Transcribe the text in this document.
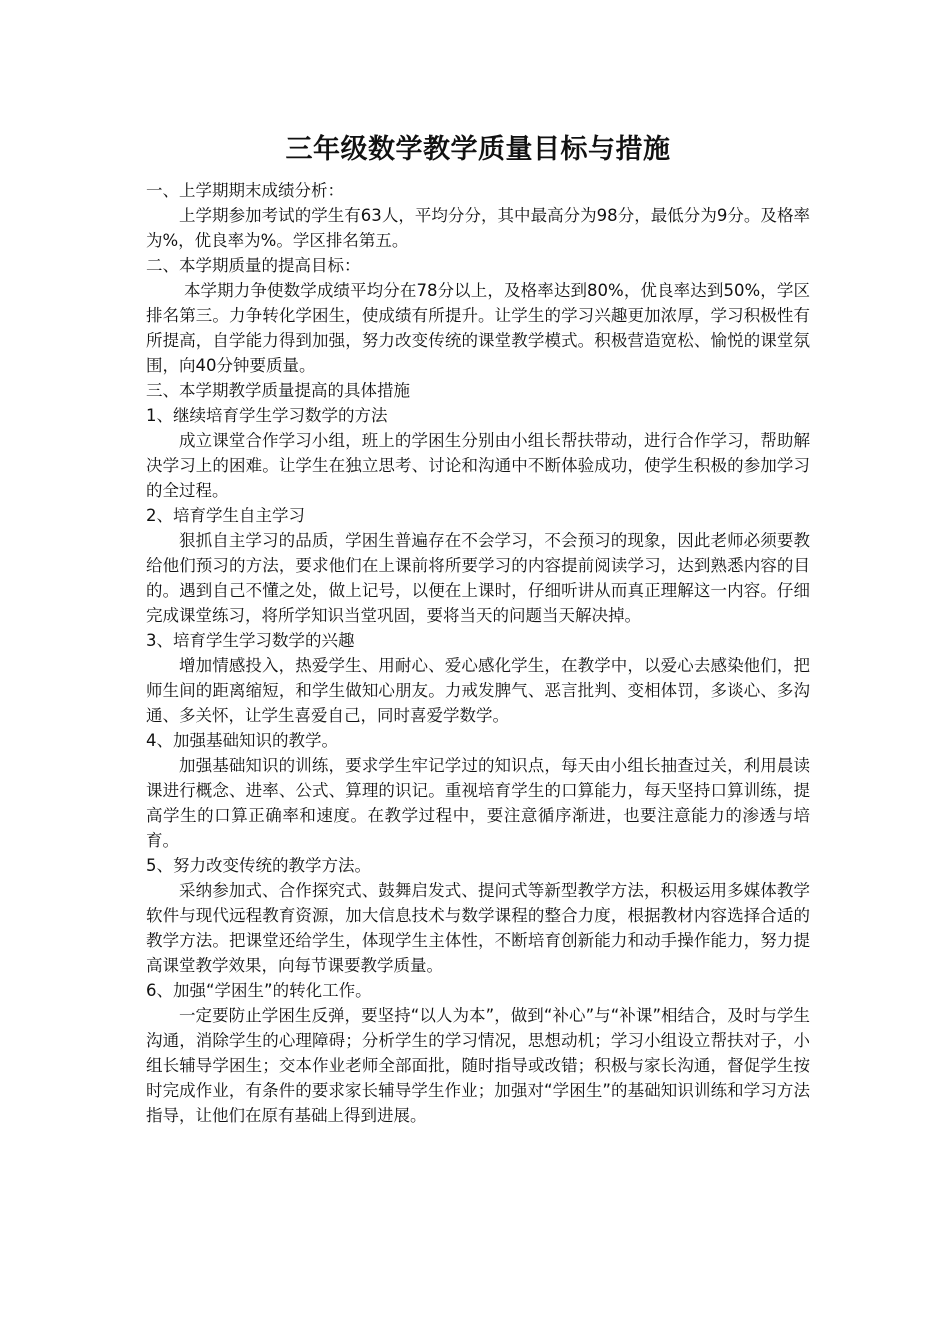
三年级数学教学质量目标与措施
一、上学期期末成绩分析：
上学期参加考试的学生有63人，平均分分，其中最高分为98分，最低分为9分。及格率为%，优良率为%。学区排名第五。
二、本学期质量的提高目标：
本学期力争使数学成绩平均分在78分以上，及格率达到80%，优良率达到50%，学区排名第三。力争转化学困生，使成绩有所提升。让学生的学习兴趣更加浓厚，学习积极性有所提高，自学能力得到加强，努力改变传统的课堂教学模式。积极营造宽松、愉悦的课堂氛围，向40分钟要质量。
三、本学期教学质量提高的具体措施
1、继续培育学生学习数学的方法
成立课堂合作学习小组，班上的学困生分别由小组长帮扶带动，进行合作学习，帮助解决学习上的困难。让学生在独立思考、讨论和沟通中不断体验成功，使学生积极的参加学习的全过程。
2、培育学生自主学习
狠抓自主学习的品质，学困生普遍存在不会学习，不会预习的现象，因此老师必须要教给他们预习的方法，要求他们在上课前将所要学习的内容提前阅读学习，达到熟悉内容的目的。遇到自己不懂之处，做上记号，以便在上课时，仔细听讲从而真正理解这一内容。仔细完成课堂练习，将所学知识当堂巩固，要将当天的问题当天解决掉。
3、培育学生学习数学的兴趣
增加情感投入，热爱学生、用耐心、爱心感化学生，在教学中，以爱心去感染他们，把师生间的距离缩短，和学生做知心朋友。力戒发脾气、恶言批判、变相体罚，多谈心、多沟通、多关怀，让学生喜爱自己，同时喜爱学数学。
4、加强基础知识的教学。
加强基础知识的训练，要求学生牢记学过的知识点，每天由小组长抽查过关，利用晨读课进行概念、进率、公式、算理的识记。重视培育学生的口算能力，每天坚持口算训练，提高学生的口算正确率和速度。在教学过程中，要注意循序渐进，也要注意能力的渗透与培育。
5、努力改变传统的教学方法。
采纳参加式、合作探究式、鼓舞启发式、提问式等新型教学方法，积极运用多媒体教学软件与现代远程教育资源，加大信息技术与数学课程的整合力度，根据教材内容选择合适的教学方法。把课堂还给学生，体现学生主体性，不断培育创新能力和动手操作能力，努力提高课堂教学效果，向每节课要教学质量。
6、加强“学困生”的转化工作。
一定要防止学困生反弹，要坚持“以人为本”，做到“补心”与“补课”相结合，及时与学生沟通，消除学生的心理障碍；分析学生的学习情况，思想动机；学习小组设立帮扶对子，小组长辅导学困生；交本作业老师全部面批，随时指导或改错；积极与家长沟通，督促学生按时完成作业，有条件的要求家长辅导学生作业；加强对“学困生”的基础知识训练和学习方法指导，让他们在原有基础上得到进展。
